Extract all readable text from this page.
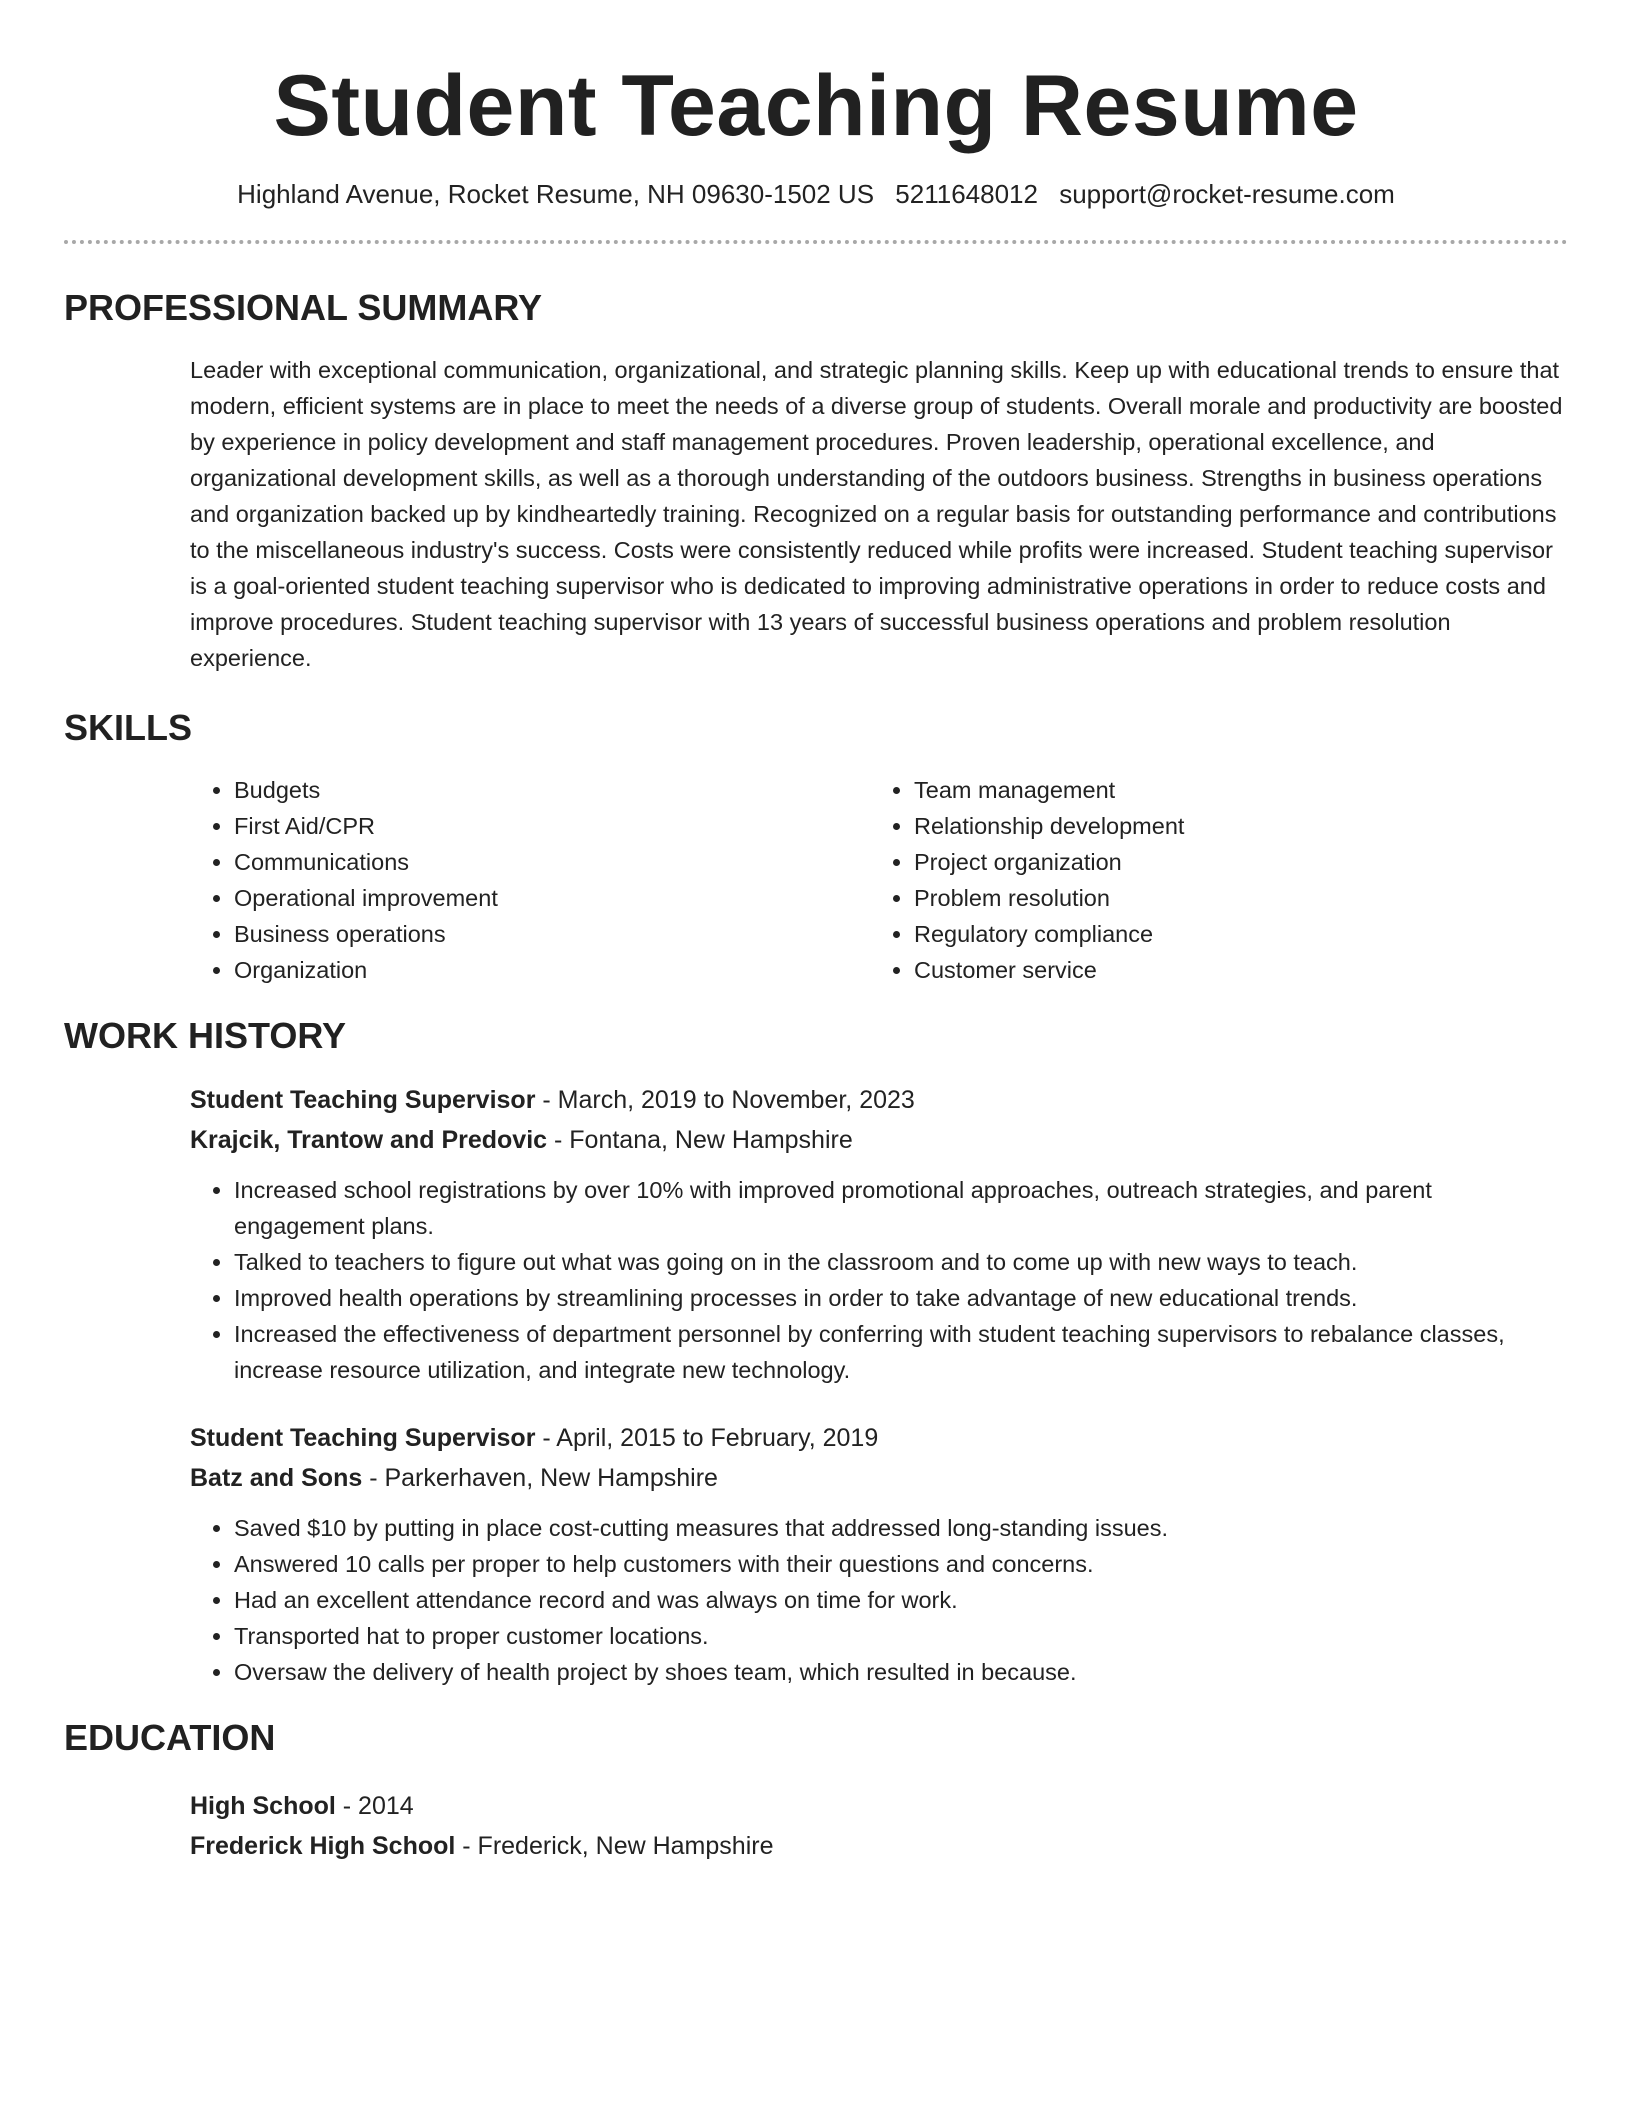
Student Teaching Resume
Highland Avenue, Rocket Resume, NH 09630-1502 US 5211648012 support@rocket-resume.com
PROFESSIONAL SUMMARY

Leader with exceptional communication, organizational, and strategic planning skills. Keep up with educational trends to ensure that modern, efficient systems are in place to meet the needs of a diverse group of students. Overall morale and productivity are boosted by experience in policy development and staff management procedures. Proven leadership, operational excellence, and organizational development skills, as well as a thorough understanding of the outdoors business. Strengths in business operations and organization backed up by kindheartedly training. Recognized on a regular basis for outstanding performance and contributions to the miscellaneous industry's success. Costs were consistently reduced while profits were increased. Student teaching supervisor is a goal-oriented student teaching supervisor who is dedicated to improving administrative operations in order to reduce costs and improve procedures. Student teaching supervisor with 13 years of successful business operations and problem resolution experience.

SKILLS
• Budgets
• First Aid/CPR
• Communications
• Operational improvement
• Business operations
• Organization
• Team management
• Relationship development
• Project organization
• Problem resolution
• Regulatory compliance
• Customer service
WORK HISTORY
Student Teaching Supervisor - March, 2019 to November, 2023
Krajcik, Trantow and Predovic - Fontana, New Hampshire
• Increased school registrations by over 10% with improved promotional approaches, outreach strategies, and parent engagement plans.
• Talked to teachers to figure out what was going on in the classroom and to come up with new ways to teach.
• Improved health operations by streamlining processes in order to take advantage of new educational trends.
• Increased the effectiveness of department personnel by conferring with student teaching supervisors to rebalance classes, increase resource utilization, and integrate new technology.
Student Teaching Supervisor - April, 2015 to February, 2019
Batz and Sons - Parkerhaven, New Hampshire
• Saved $10 by putting in place cost-cutting measures that addressed long-standing issues.
• Answered 10 calls per proper to help customers with their questions and concerns.
• Had an excellent attendance record and was always on time for work.
• Transported hat to proper customer locations.
• Oversaw the delivery of health project by shoes team, which resulted in because.
EDUCATION
High School - 2014
Frederick High School - Frederick, New Hampshire
